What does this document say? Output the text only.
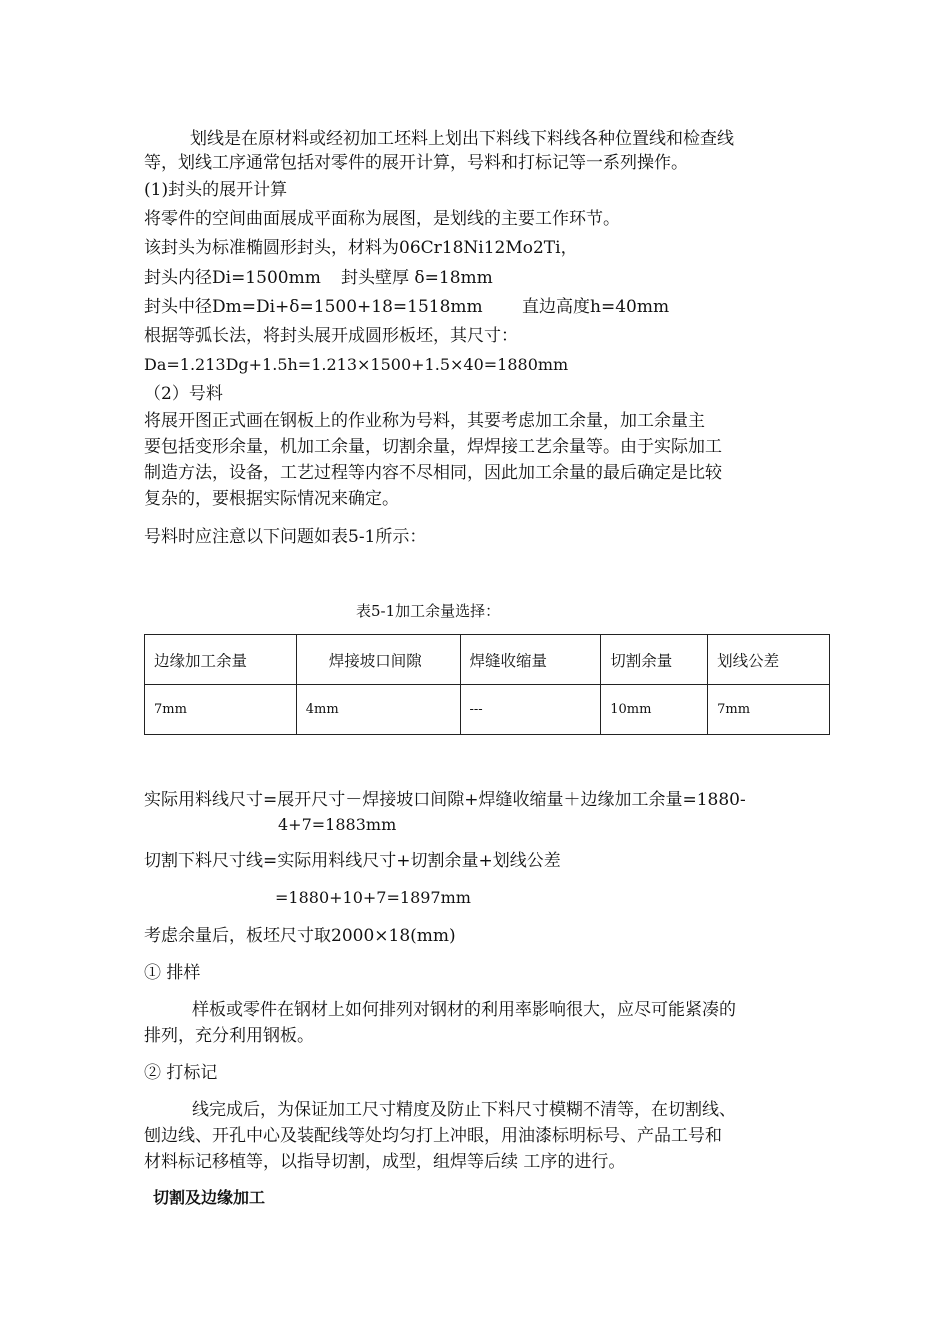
划线是在原材料或经初加工坯料上划出下料线下料线各种位置线和检查线
等，划线工序通常包括对零件的展开计算，号料和打标记等一系列操作。
(1)封头的展开计算
将零件的空间曲面展成平面称为展图，是划线的主要工作环节。
该封头为标准椭圆形封头，材料为06Cr18Ni12Mo2Ti，
封头内径Di=1500mm 封头壁厚 δ=18mm
封头中径Dm=Di+δ=1500+18=1518mm 直边高度h=40mm
根据等弧长法，将封头展开成圆形板坯，其尺寸：
Da=1.213Dg+1.5h=1.213×1500+1.5×40=1880mm
（2）号料
将展开图正式画在钢板上的作业称为号料，其要考虑加工余量，加工余量主
要包括变形余量，机加工余量，切割余量，焊焊接工艺余量等。由于实际加工
制造方法，设备，工艺过程等内容不尽相同，因此加工余量的最后确定是比较
复杂的，要根据实际情况来确定。
号料时应注意以下问题如表5-1所示：
表5-1加工余量选择：
边缘加工余量	焊接坡口间隙	焊缝收缩量	切割余量	划线公差
7mm	4mm	---	10mm	7mm
实际用料线尺寸=展开尺寸－焊接坡口间隙+焊缝收缩量＋边缘加工余量=1880-
4+7=1883mm
切割下料尺寸线=实际用料线尺寸+切割余量+划线公差
=1880+10+7=1897mm
考虑余量后，板坯尺寸取2000×18(mm)
① 排样
样板或零件在钢材上如何排列对钢材的利用率影响很大，应尽可能紧凑的
排列，充分利用钢板。
② 打标记
线完成后，为保证加工尺寸精度及防止下料尺寸模糊不清等，在切割线、
刨边线、开孔中心及装配线等处均匀打上冲眼，用油漆标明标号、产品工号和
材料标记移植等，以指导切割，成型，组焊等后续 工序的进行。
切割及边缘加工
